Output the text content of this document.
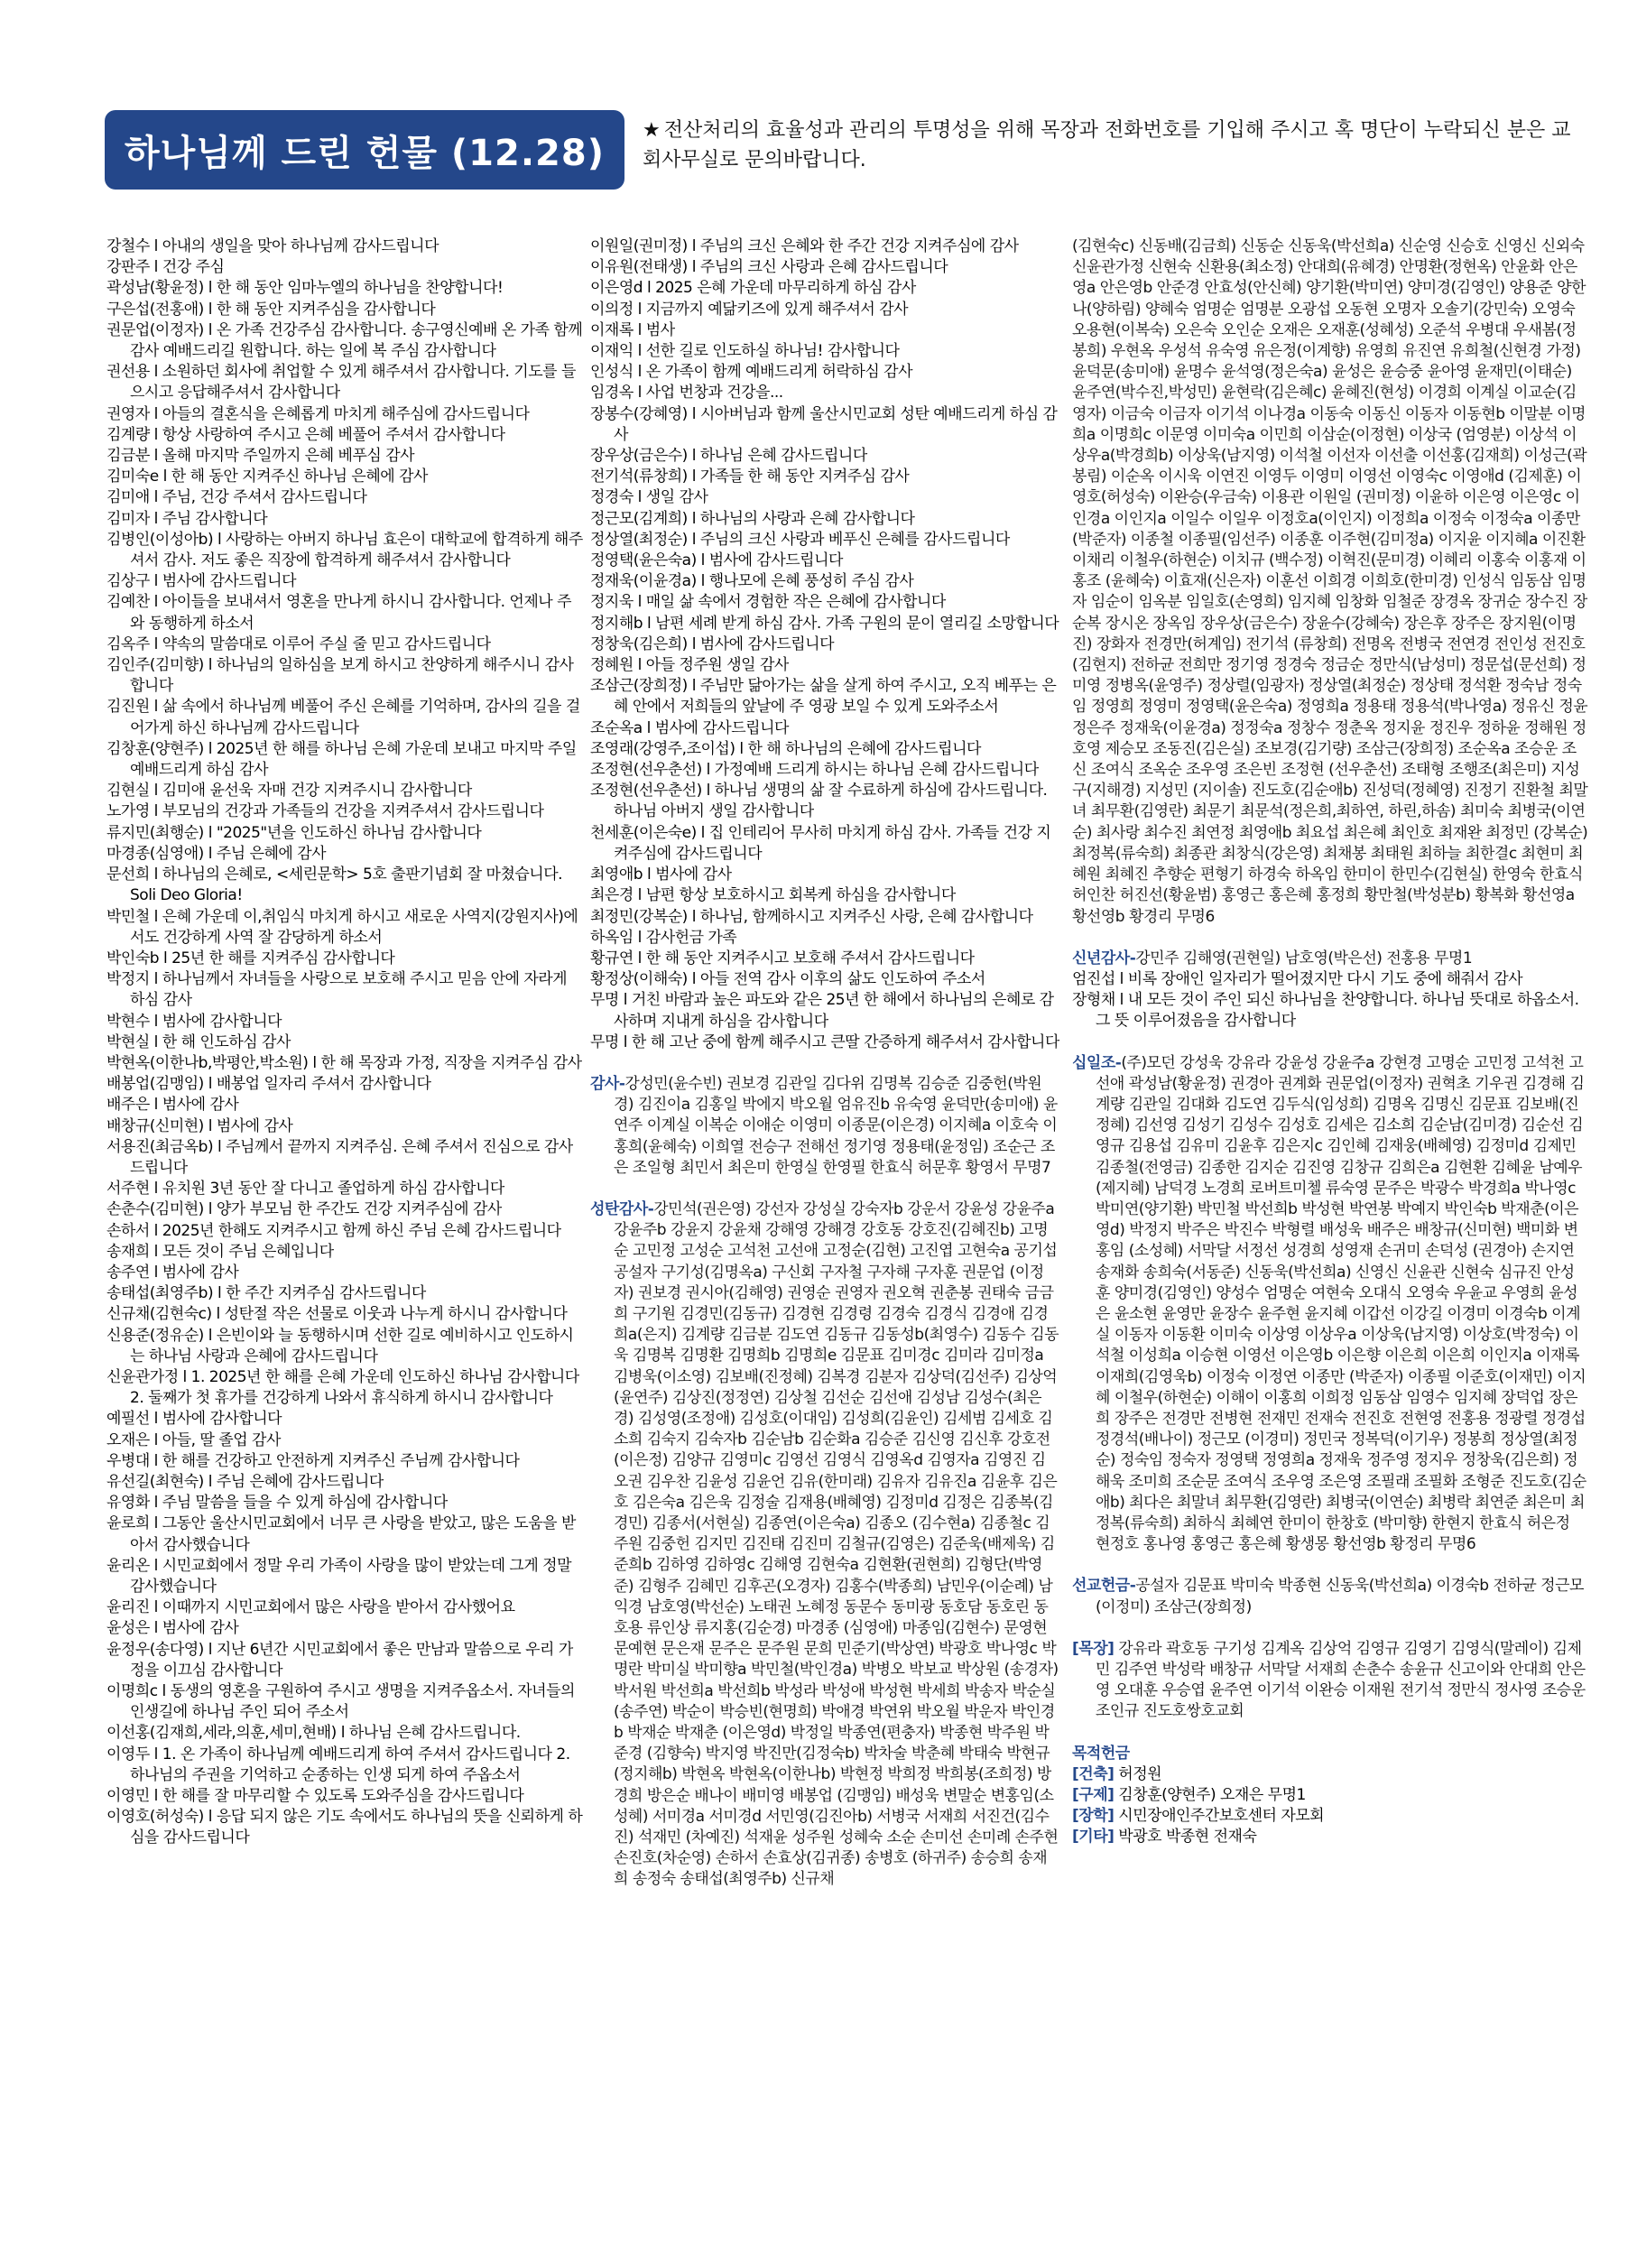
하나님께 드린 헌물 (12.28)
★ 전산처리의 효율성과 관리의 투명성을 위해 목장과 전화번호를 기입해 주시고 혹 명단이 누락되신 분은 교회사무실로 문의바랍니다.
강철수 l 아내의 생일을 맞아 하나님께 감사드립니다
강판주 l 건강 주심
곽성남(황윤정) l 한 해 동안 임마누엘의 하나님을 찬양합니다!
구은섭(전홍애) l 한 해 동안 지켜주심을 감사합니다
권문업(이정자) l 온 가족 건강주심 감사합니다. 송구영신예배 온 가족 함께 감사 예배드리길 원합니다. 하는 일에 복 주심 감사합니다
권선용 l 소원하던 회사에 취업할 수 있게 해주셔서 감사합니다. 기도를 들으시고 응답해주셔서 감사합니다
권영자 l 아들의 결혼식을 은혜롭게 마치게 해주심에 감사드립니다
김계량 l 항상 사랑하여 주시고 은혜 베풀어 주셔서 감사합니다
김금분 l 올해 마지막 주일까지 은혜 베푸심 감사
김미숙e l 한 해 동안 지켜주신 하나님 은혜에 감사
김미애 l 주님, 건강 주셔서 감사드립니다
김미자 l 주님 감사합니다
김병인(이성아b) l 사랑하는 아버지 하나님 효은이 대학교에 합격하게 해주셔서 감사. 저도 좋은 직장에 합격하게 해주셔서 감사합니다
김상구 l 범사에 감사드립니다
김예찬 l 아이들을 보내셔서 영혼을 만나게 하시니 감사합니다. 언제나 주와 동행하게 하소서
김옥주 l 약속의 말씀대로 이루어 주실 줄 믿고 감사드립니다
김인주(김미향) l 하나님의 일하심을 보게 하시고 찬양하게 해주시니 감사합니다
김진원 l 삶 속에서 하나님께 베풀어 주신 은혜를 기억하며, 감사의 길을 걸어가게 하신 하나님께 감사드립니다
김창훈(양현주) l 2025년 한 해를 하나님 은혜 가운데 보내고 마지막 주일 예배드리게 하심 감사
김현실 l 김미애 윤선욱 자매 건강 지켜주시니 감사합니다
노가영 l 부모님의 건강과 가족들의 건강을 지켜주셔서 감사드립니다
류지민(최행순) l "2025"년을 인도하신 하나님 감사합니다
마경종(심영애) l 주님 은혜에 감사
문선희 l 하나님의 은혜로, <세린문학> 5호 출판기념회 잘 마쳤습니다. Soli Deo Gloria!
박민철 l 은혜 가운데 이,취임식 마치게 하시고 새로운 사역지(강원지사)에서도 건강하게 사역 잘 감당하게 하소서
박인숙b l 25년 한 해를 지켜주심 감사합니다
박정지 l 하나님께서 자녀들을 사랑으로 보호해 주시고 믿음 안에 자라게 하심 감사
박현수 l 범사에 감사합니다
박현실 l 한 해 인도하심 감사
박현옥(이한나b,박평안,박소원) l 한 해 목장과 가정, 직장을 지켜주심 감사
배봉업(김맹임) l 배봉업 일자리 주셔서 감사합니다
배주은 l 범사에 감사
배창규(신미현) l 범사에 감사
서용진(최금옥b) l 주님께서 끝까지 지켜주심. 은혜 주셔서 진심으로 감사드립니다
서주현 l 유치원 3년 동안 잘 다니고 졸업하게 하심 감사합니다
손춘수(김미현) l 양가 부모님 한 주간도 건강 지켜주심에 감사
손하서 l 2025년 한해도 지켜주시고 함께 하신 주님 은혜 감사드립니다
송재희 l 모든 것이 주님 은혜입니다
송주연 l 범사에 감사
송태섭(최영주b) l 한 주간 지켜주심 감사드립니다
신규채(김현숙c) l 성탄절 작은 선물로 이웃과 나누게 하시니 감사합니다
신용준(정유순) l 은빈이와 늘 동행하시며 선한 길로 예비하시고 인도하시는 하나님 사랑과 은혜에 감사드립니다
신윤관가정 l 1. 2025년 한 해를 은혜 가운데 인도하신 하나님 감사합니다 2. 둘째가 첫 휴가를 건강하게 나와서 휴식하게 하시니 감사합니다
예필선 l 범사에 감사합니다
오재은 l 아들, 딸 졸업 감사
우병대 l 한 해를 건강하고 안전하게 지켜주신 주님께 감사합니다
유선길(최현숙) l 주님 은혜에 감사드립니다
유영화 l 주님 말씀을 들을 수 있게 하심에 감사합니다
윤로희 l 그동안 울산시민교회에서 너무 큰 사랑을 받았고, 많은 도움을 받아서 감사했습니다
윤리온 l 시민교회에서 정말 우리 가족이 사랑을 많이 받았는데 그게 정말 감사했습니다
윤리진 l 이때까지 시민교회에서 많은 사랑을 받아서 감사했어요
윤성은 l 범사에 감사
윤정우(송다영) l 지난 6년간 시민교회에서 좋은 만남과 말씀으로 우리 가정을 이끄심 감사합니다
이명희c l 동생의 영혼을 구원하여 주시고 생명을 지켜주옵소서. 자녀들의 인생길에 하나님 주인 되어 주소서
이선홍(김재희,세라,의훈,세미,현배) l 하나님 은혜 감사드립니다.
이영두 l 1. 온 가족이 하나님께 예배드리게 하여 주셔서 감사드립니다 2. 하나님의 주권을 기억하고 순종하는 인생 되게 하여 주옵소서
이영민 l 한 해를 잘 마무리할 수 있도록 도와주심을 감사드립니다
이영호(허성숙) l 응답 되지 않은 기도 속에서도 하나님의 뜻을 신뢰하게 하심을 감사드립니다
이원일(권미정) l 주님의 크신 은혜와 한 주간 건강 지켜주심에 감사
이유원(전태생) l 주님의 크신 사랑과 은혜 감사드립니다
이은영d l 2025 은혜 가운데 마무리하게 하심 감사
이의정 l 지금까지 예닮키즈에 있게 해주셔서 감사
이재록 l 범사
이재익 l 선한 길로 인도하실 하나님! 감사합니다
인성식 l 온 가족이 함께 예배드리게 허락하심 감사
임경옥 l 사업 번창과 건강을...
장봉수(강혜영) l 시아버님과 함께 울산시민교회 성탄 예배드리게 하심 감사
장우상(금은수) l 하나님 은혜 감사드립니다
전기석(류창희) l 가족들 한 해 동안 지켜주심 감사
정경숙 l 생일 감사
정근모(김계희) l 하나님의 사랑과 은혜 감사합니다
정상열(최정순) l 주님의 크신 사랑과 베푸신 은혜를 감사드립니다
정영택(윤은숙a) l 범사에 감사드립니다
정재욱(이윤경a) l 행나모에 은혜 풍성히 주심 감사
정지욱 l 매일 삶 속에서 경험한 작은 은혜에 감사합니다
정지해b l 남편 세례 받게 하심 감사. 가족 구원의 문이 열리길 소망합니다
정창욱(김은희) l 범사에 감사드립니다
정혜원 l 아들 정주원 생일 감사
조삼근(장희정) l 주님만 닮아가는 삶을 살게 하여 주시고, 오직 베푸는 은혜 안에서 저희들의 앞날에 주 영광 보일 수 있게 도와주소서
조순옥a l 범사에 감사드립니다
조영래(강영주,조이섭) l 한 해 하나님의 은혜에 감사드립니다
조정현(선우춘선) l 가정예배 드리게 하시는 하나님 은혜 감사드립니다
조정현(선우춘선) l 하나님 생명의 삶 잘 수료하게 하심에 감사드립니다. 하나님 아버지 생일 감사합니다
천세훈(이은숙e) l 집 인테리어 무사히 마치게 하심 감사. 가족들 건강 지켜주심에 감사드립니다
최영애b l 범사에 감사
최은경 l 남편 항상 보호하시고 회복케 하심을 감사합니다
최정민(강복순) l 하나님, 함께하시고 지켜주신 사랑, 은혜 감사합니다
하옥임 l 감사헌금 가족
황규연 l 한 해 동안 지켜주시고 보호해 주셔서 감사드립니다
황정상(이해숙) l 아들 전역 감사 이후의 삶도 인도하여 주소서
무명 l 거친 바람과 높은 파도와 같은 25년 한 해에서 하나님의 은혜로 감사하며 지내게 하심을 감사합니다
무명 l 한 해 고난 중에 함께 해주시고 큰딸 간증하게 해주셔서 감사합니다
감사-강성민(윤수빈) 권보경 김관일 김다위 김명복 김승준 김중헌(박원경) 김진이a 김홍일 박에지 박오월 엄유진b 유숙영 윤덕만(송미애) 윤연주 이계실 이복순 이애순 이영미 이종문(이은경) 이지혜a 이호숙 이홍희(윤혜숙) 이희열 전승구 전해선 정기영 정용태(윤정임) 조순근 조은 조일형 최민서 최은미 한영실 한영필 한효식 허문후 황영서 무명7
성탄감사-강민석(권은영) 강선자 강성실 강숙자b 강운서 강윤성 강윤주a 강윤주b 강윤지 강윤채 강해영 강해경 강호동 강호진(김혜진b) 고명순 고민정 고성순 고석천 고선애 고정순(김현) 고진엽 고현숙a 공기섭 공설자 구기성(김명옥a) 구신회 구자철 구자해 구자훈 권문업 (이정자) 권보경 권시아(김해영) 권영순 권영자 권오혁 권춘봉 권태숙 금금희 구기원 김경민(김동규) 김경현 김경령 김경숙 김경식 김경애 김경희a(은지) 김계량 김금분 김도연 김동규 김동성b(최영수) 김동수 김동욱 김명복 김명환 김명희b 김명희e 김문표 김미경c 김미라 김미정a 김병욱(이소영) 김보배(진정혜) 김복경 김분자 김상덕(김선주) 김상억(윤연주) 김상진(정정연) 김상철 김선순 김선애 김성남 김성수(최은경) 김성영(조정애) 김성호(이대임) 김성희(김윤인) 김세범 김세호 김소희 김숙지 김숙자b 김순남b 김순화a 김승준 김신영 김신후 강호전(이은정) 김양규 김영미c 김영선 김영식 김영옥d 김영자a 김영진 김오권 김우찬 김윤성 김윤언 김유(한미래) 김유자 김유진a 김윤후 김은호 김은숙a 김은욱 김정술 김재용(배혜영) 김정미d 김정은 김종복(김경민) 김종서(서현실) 김종연(이은숙a) 김종오 (김수현a) 김종철c 김주원 김중헌 김지민 김진태 김진미 김철규(김영은) 김준욱(배제욱) 김준희b 김하영 김하영c 김해영 김현숙a 김현환(권현희) 김형단(박영준) 김형주 김혜민 김후곤(오경자) 김홍수(박종희) 남민우(이순례) 남익경 남호영(박선순) 노태권 노혜정 동문수 동미광 동호담 동호린 동호용 류인상 류지홍(김순경) 마경종 (심영애) 마종임(김현수) 문영현 문예현 문은재 문주은 문주원 문희 민준기(박상연) 박광호 박나영c 박명란 박미실 박미향a 박민철(박인경a) 박병오 박보교 박상원 (송경자) 박서원 박선희a 박선희b 박성라 박성애 박성현 박세희 박송자 박순실(송주연) 박순이 박승빈(현명희) 박애경 박연위 박오월 박운자 박인경b 박재순 박재춘 (이은영d) 박정일 박종연(편충자) 박종현 박주원 박준경 (김향숙) 박지영 박진만(김정숙b) 박차술 박춘혜 박태숙 박현규(정지해b) 박현옥 박현옥(이한나b) 박현정 박희정 박희봉(조희정) 방경희 방은순 배나이 배미영 배봉업 (김맹임) 배성욱 변말순 변홍임(소성혜) 서미경a 서미경d 서민영(김진아b) 서병국 서재희 서진건(김수진) 석재민 (차예진) 석재윤 성주원 성혜숙 소순 손미선 손미례 손주현 손진호(차순영) 손하서 손효상(김귀종) 송병호 (하귀주) 송승희 송재희 송정숙 송태섭(최영주b) 신규채
(김현숙c) 신동배(김금희) 신동순 신동욱(박선희a) 신순영 신승호 신영신 신외숙 신윤관가정 신현숙 신환용(최소정) 안대희(유혜경) 안명환(정현옥) 안윤화 안은영a 안은영b 안준경 안효성(안신혜) 양기환(박미연) 양미경(김영인) 양용준 양한나(양하림) 양혜숙 엄명순 엄명분 오광섭 오동현 오명자 오솔기(강민숙) 오영숙 오용현(이복숙) 오은숙 오인순 오재은 오재훈(성혜성) 오준석 우병대 우새봄(정봉희) 우현옥 우성석 유숙영 유은정(이계향) 유영희 유진연 유희철(신현경 가정) 윤덕문(송미애) 윤명수 윤석영(정은숙a) 윤성은 윤승중 윤아영 윤재민(이태순) 윤주연(박수진,박성민) 윤현락(김은혜c) 윤혜진(현성) 이경희 이계실 이교순(김영자) 이금숙 이금자 이기석 이나경a 이동숙 이동신 이동자 이동현b 이말분 이명희a 이명희c 이문영 이미숙a 이민희 이삼순(이정현) 이상국 (엄영분) 이상석 이상우a(박경희b) 이상욱(남지영) 이석철 이선자 이선출 이선홍(김재희) 이성근(곽봉림) 이순옥 이시욱 이연진 이영두 이영미 이영선 이영숙c 이영애d (김제훈) 이영호(허성숙) 이완승(우금숙) 이용관 이원일 (권미정) 이윤하 이은영 이은영c 이인경a 이인지a 이일수 이일우 이정호a(이인지) 이정희a 이정숙 이정숙a 이종만 (박준자) 이종철 이종필(임선주) 이종훈 이주현(김미정a) 이지윤 이지혜a 이진환 이채리 이철우(하현순) 이치규 (백수정) 이혁진(문미경) 이혜리 이홍숙 이홍재 이홍조 (윤혜숙) 이효재(신은자) 이훈선 이희경 이희호(한미경) 인성식 임동삼 임명자 임순이 임옥분 임일호(손영희) 임지혜 임창화 임철준 장경옥 장귀순 장수진 장순복 장시온 장옥임 장우상(금은수) 장윤수(강혜숙) 장은후 장주은 장지원(이명진) 장화자 전경만(허계임) 전기석 (류창희) 전명옥 전병국 전연경 전인성 전진호(김현지) 전하균 전희만 정기영 정경숙 정금순 정만식(남성미) 정문섭(문선희) 정미영 정병옥(윤영주) 정상렬(임광자) 정상열(최정순) 정상태 정석환 정숙남 정숙임 정영희 정영미 정영택(윤은숙a) 정영희a 정용태 정용석(박나영a) 정유신 정윤 정은주 정재욱(이윤경a) 정정숙a 정창수 정춘옥 정지윤 정진우 정하윤 정해원 정호영 제승모 조동진(김은실) 조보경(김기량) 조삼근(장희정) 조순옥a 조승운 조신 조여식 조옥순 조우영 조은빈 조정현 (선우춘선) 조태형 조행조(최은미) 지성구(지해경) 지성민 (지이솔) 진도호(김순애b) 진성덕(정혜영) 진정기 진환철 최말녀 최무환(김영란) 최문기 최문석(정은희,최하연, 하린,하솜) 최미숙 최병국(이연순) 최사랑 최수진 최연정 최영애b 최요섭 최은혜 최인호 최재완 최정민 (강복순) 최정복(류숙희) 최종관 최창식(강은영) 최채봉 최태원 최하늘 최한결c 최현미 최혜원 최혜진 추향순 편형기 하경숙 하옥임 한미이 한민수(김현실) 한영숙 한효식 허인찬 허진선(황윤범) 홍영근 홍은혜 홍정희 황만철(박성분b) 황복화 황선영a 황선영b 황경리 무명6
신년감사-강민주 김해영(권현일) 남호영(박은선) 전홍용 무명1
엄진섭 l 비록 장애인 일자리가 떨어졌지만 다시 기도 중에 해줘서 감사
장형채 l 내 모든 것이 주인 되신 하나님을 찬양합니다. 하나님 뜻대로 하옵소서. 그 뜻 이루어졌음을 감사합니다
십일조-(주)모던 강성욱 강유라 강윤성 강윤주a 강현경 고명순 고민정 고석천 고선애 곽성남(황윤정) 권경아 권계화 권문업(이정자) 권혁초 기우권 김경해 김계량 김관일 김대화 김도연 김두식(임성희) 김명옥 김명신 김문표 김보배(진정혜) 김선영 김성기 김성수 김성호 김세은 김소희 김순남(김미경) 김순선 김영규 김용섭 김유미 김윤후 김은지c 김인혜 김재웅(배혜영) 김정미d 김제민 김종철(전영금) 김종한 김지순 김진영 김창규 김희은a 김현환 김혜윤 남예우(제지혜) 남덕경 노경희 로버트미첼 류숙영 문주은 박광수 박경희a 박나영c 박미연(양기환) 박민철 박선희b 박성현 박연봉 박예지 박인숙b 박재춘(이은영d) 박정지 박주은 박진수 박형렬 배성욱 배주은 배창규(신미현) 백미화 변홍임 (소성혜) 서막달 서정선 성경희 성영재 손귀미 손덕성 (권경아) 손지연 송재화 송희숙(서동준) 신동욱(박선희a) 신영신 신윤관 신현숙 심규진 안성훈 양미경(김영인) 양성수 엄명순 여현숙 오대식 오영숙 우윤교 우영희 윤성은 윤소현 윤영만 윤장수 윤주현 윤지혜 이갑선 이강길 이경미 이경숙b 이계실 이동자 이동환 이미숙 이상영 이상우a 이상욱(남지영) 이상호(박정숙) 이석철 이성희a 이승현 이영선 이은영b 이은향 이은희 이은희 이인지a 이재록 이재희(김영욱b) 이정숙 이정연 이종만 (박준자) 이종필 이준호(이재민) 이지혜 이철우(하현순) 이해이 이홍희 이희정 임동삼 임영수 임지혜 장덕업 장은희 장주은 전경만 전병현 전재민 전재숙 전진호 전현영 전홍용 정광렬 정경섭 정경석(배나이) 정근모 (이경미) 정민국 정복덕(이기우) 정봉희 정상열(최정순) 정숙임 정숙자 정영택 정영희a 정재욱 정주영 정지우 정창욱(김은희) 정해욱 조미희 조순문 조여식 조우영 조은영 조필래 조필화 조형준 진도호(김순애b) 최다은 최말녀 최무환(김영란) 최병국(이연순) 최병락 최연준 최은미 최정복(류숙희) 최하식 최혜연 한미이 한창호 (박미향) 한현지 한효식 허은정 현정호 홍나영 홍영근 홍은혜 황생몽 황선영b 황정리 무명6
선교헌금-공설자 김문표 박미숙 박종현 신동욱(박선희a) 이경숙b 전하균 정근모(이정미) 조삼근(장희정)
[목장] 강유라 곽호동 구기성 김계옥 김상억 김영규 김영기 김영식(말레이) 김제민 김주연 박성락 배창규 서막달 서재희 손춘수 송윤규 신고이와 안대희 안은영 오대훈 우승엽 윤주연 이기석 이완승 이재원 전기석 정만식 정사영 조승운 조인규 진도호쌍호교회
목적헌금
[건축] 허정원
[구제] 김창훈(양현주) 오재은 무명1
[장학] 시민장애인주간보호센터 자모회
[기타] 박광호 박종현 전재숙
